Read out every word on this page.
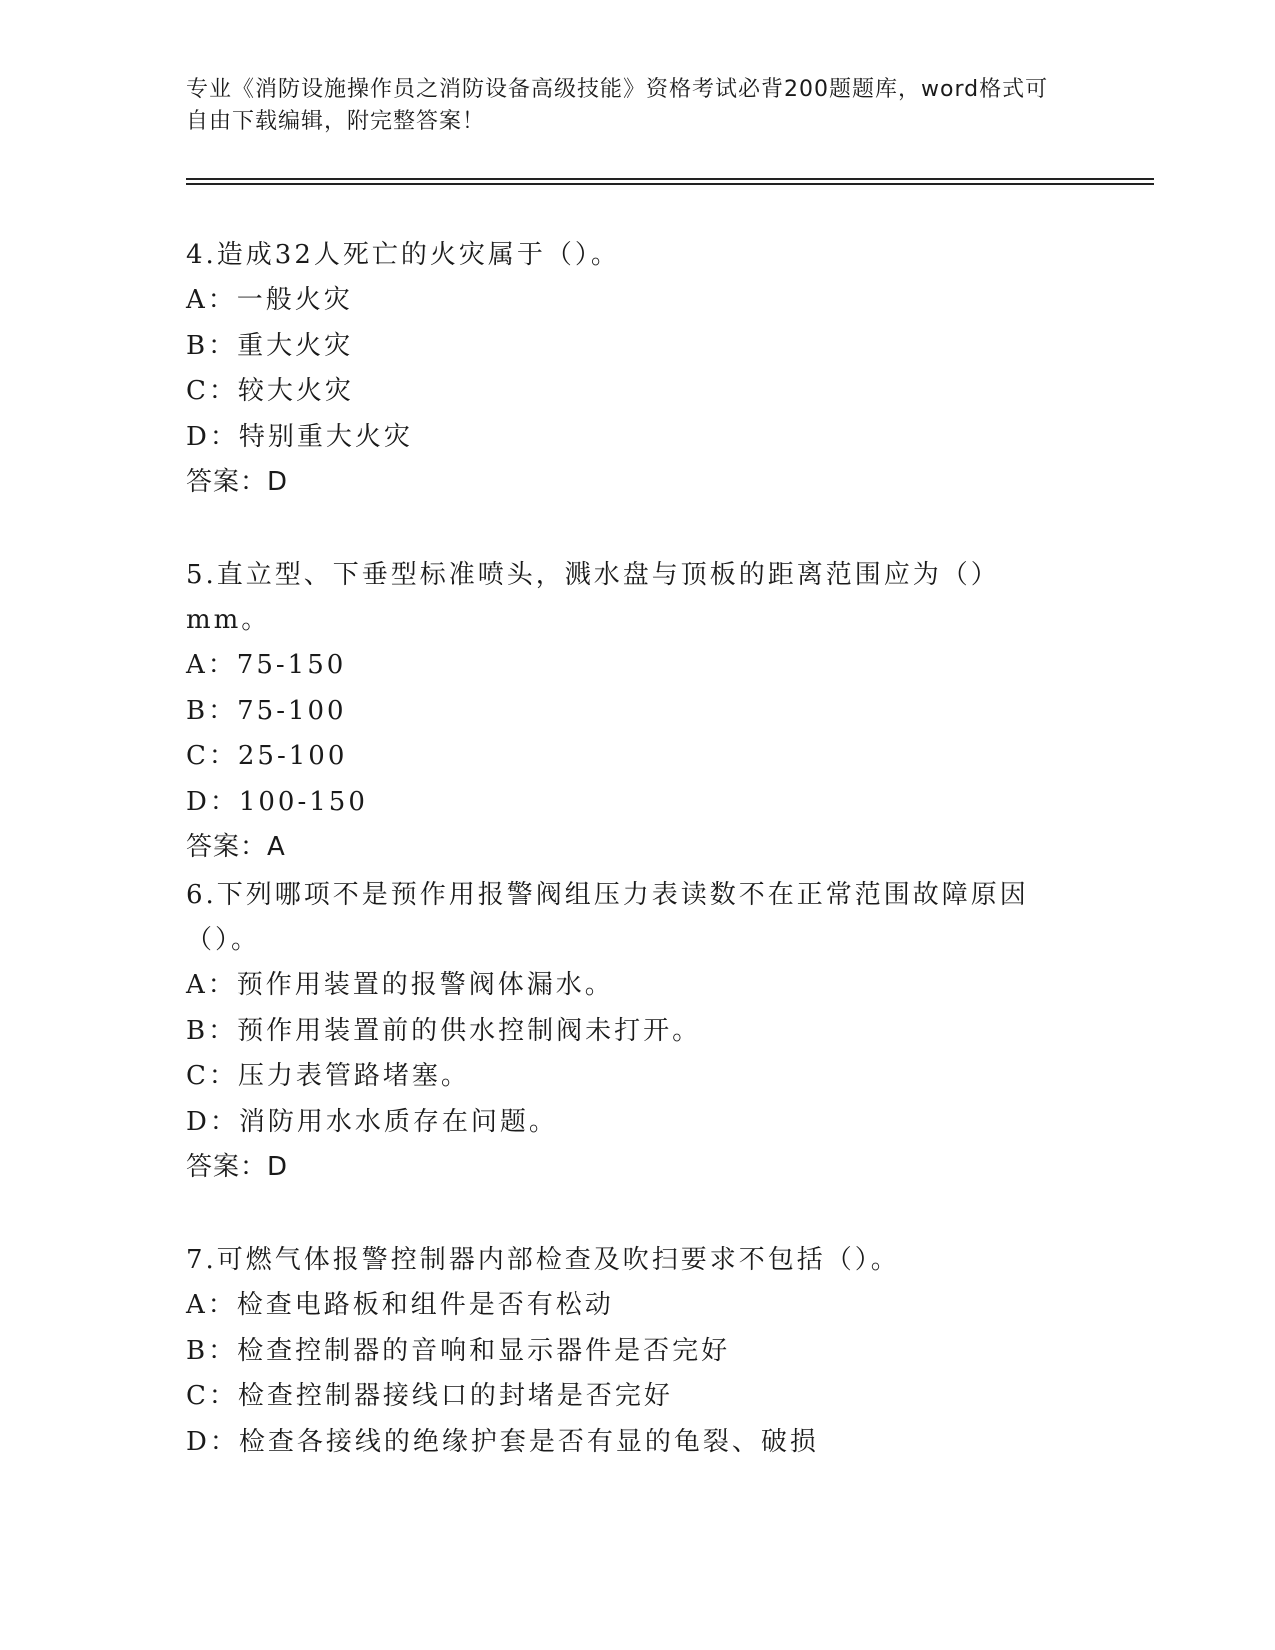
专业《消防设施操作员之消防设备高级技能》资格考试必背200题题库，word格式可自由下载编辑，附完整答案！
4.造成32人死亡的火灾属于（）。
A：一般火灾
B：重大火灾
C：较大火灾
D：特别重大火灾
答案：D
5.直立型、下垂型标准喷头，溅水盘与顶板的距离范围应为（）mm。
A：75-150
B：75-100
C：25-100
D：100-150
答案：A
6.下列哪项不是预作用报警阀组压力表读数不在正常范围故障原因（）。
A：预作用装置的报警阀体漏水。
B：预作用装置前的供水控制阀未打开。
C：压力表管路堵塞。
D：消防用水水质存在问题。
答案：D
7.可燃气体报警控制器内部检查及吹扫要求不包括（）。
A：检查电路板和组件是否有松动
B：检查控制器的音响和显示器件是否完好
C：检查控制器接线口的封堵是否完好
D：检查各接线的绝缘护套是否有显的龟裂、破损
